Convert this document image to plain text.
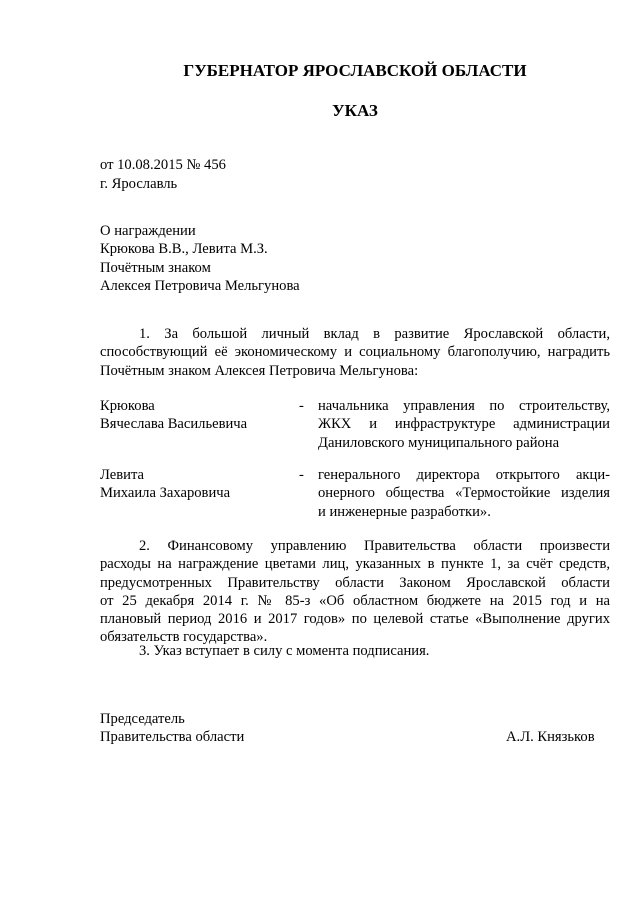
ГУБЕРНАТОР ЯРОСЛАВСКОЙ ОБЛАСТИ
УКАЗ
от 10.08.2015 № 456
г. Ярославль
О награждении
Крюкова В.В., Левита М.З.
Почётным знаком
Алексея Петровича Мельгунова
1. За большой личный вклад в развитие Ярославской области,
способствующий её экономическому и социальному благополучию, наградить
Почётным знаком Алексея Петровича Мельгунова:
Крюкова
Вячеслава Васильевича
- начальника управления по строительству,
ЖКХ и инфраструктуре администрации
Даниловского муниципального района
Левита
Михаила Захаровича
- генерального директора открытого акци-
онерного общества «Термостойкие изделия
и инженерные разработки».
2. Финансовому управлению Правительства области произвести
расходы на награждение цветами лиц, указанных в пункте 1, за счёт средств,
предусмотренных Правительству области Законом Ярославской области
от 25 декабря 2014 г. № 85-з «Об областном бюджете на 2015 год и на
плановый период 2016 и 2017 годов» по целевой статье «Выполнение других
обязательств государства».
3. Указ вступает в силу с момента подписания.
Председатель
Правительства области	А.Л. Князьков
